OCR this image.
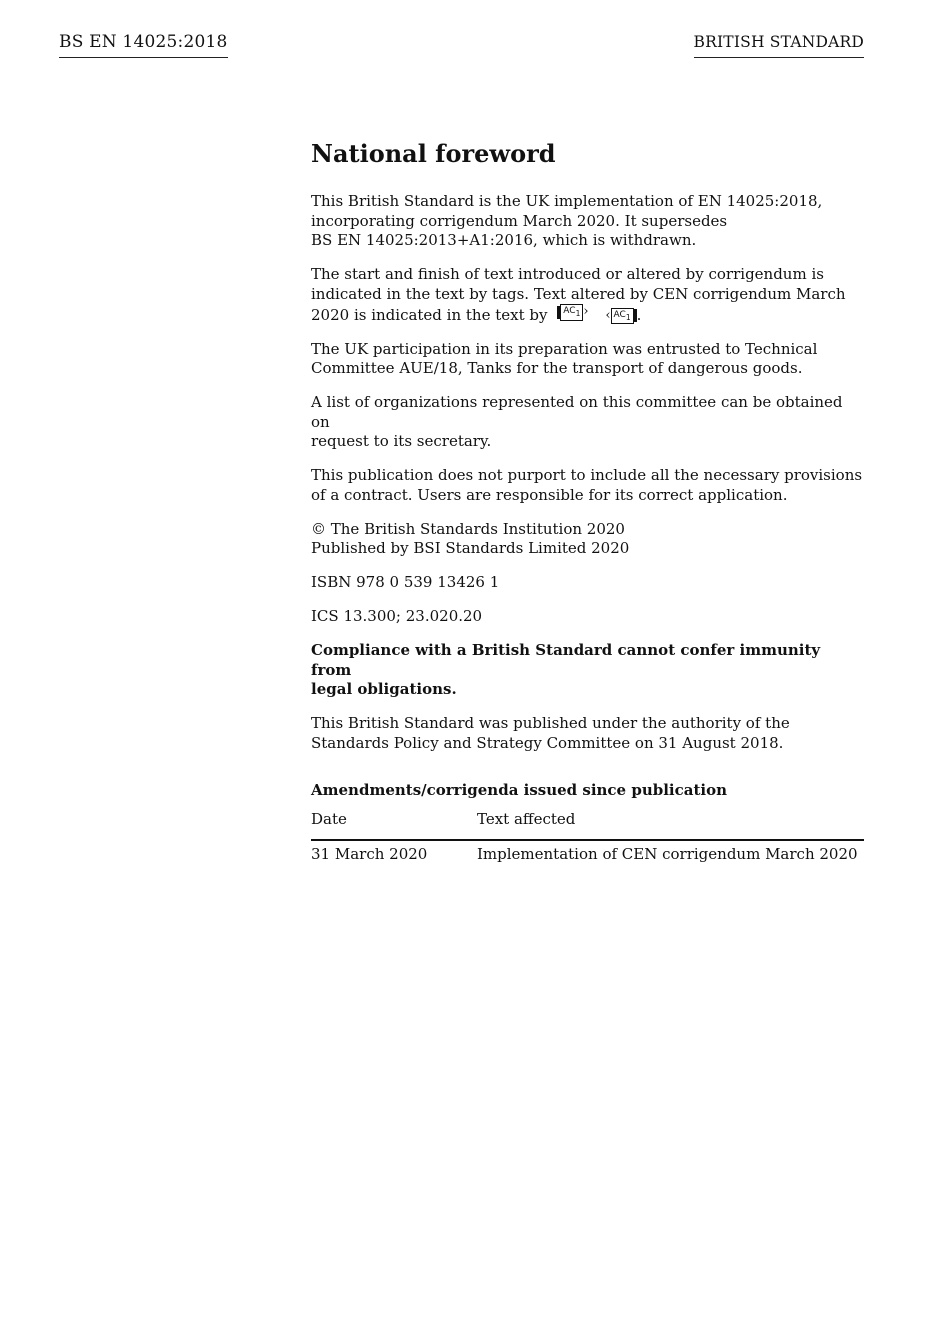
BS EN 14025:2018	BRITISH STANDARD
National foreword

This British Standard is the UK implementation of EN 14025:2018,
incorporating corrigendum March 2020. It supersedes
BS EN 14025:2013+A1:2016, which is withdrawn.

The start and finish of text introduced or altered by corrigendum is
indicated in the text by tags. Text altered by CEN corrigendum March
2020 is indicated in the text by	$AC_1$ ›
‹ $AC_1$ .

The UK participation in its preparation was entrusted to Technical
Committee AUE/18, Tanks for the transport of dangerous goods.

A list of organizations represented on this committee can be obtained on
request to its secretary.

This publication does not purport to include all the necessary provisions
of a contract. Users are responsible for its correct application.

© The British Standards Institution 2020
Published by BSI Standards Limited 2020

ISBN 978 0 539 13426 1

ICS 13.300; 23.020.20

Compliance with a British Standard cannot confer immunity from
legal obligations.

This British Standard was published under the authority of the
Standards Policy and Strategy Committee on 31 August 2018.

Amendments/corrigenda issued since publication
Date	Text affected
31 March 2020	Implementation of CEN corrigendum March 2020
